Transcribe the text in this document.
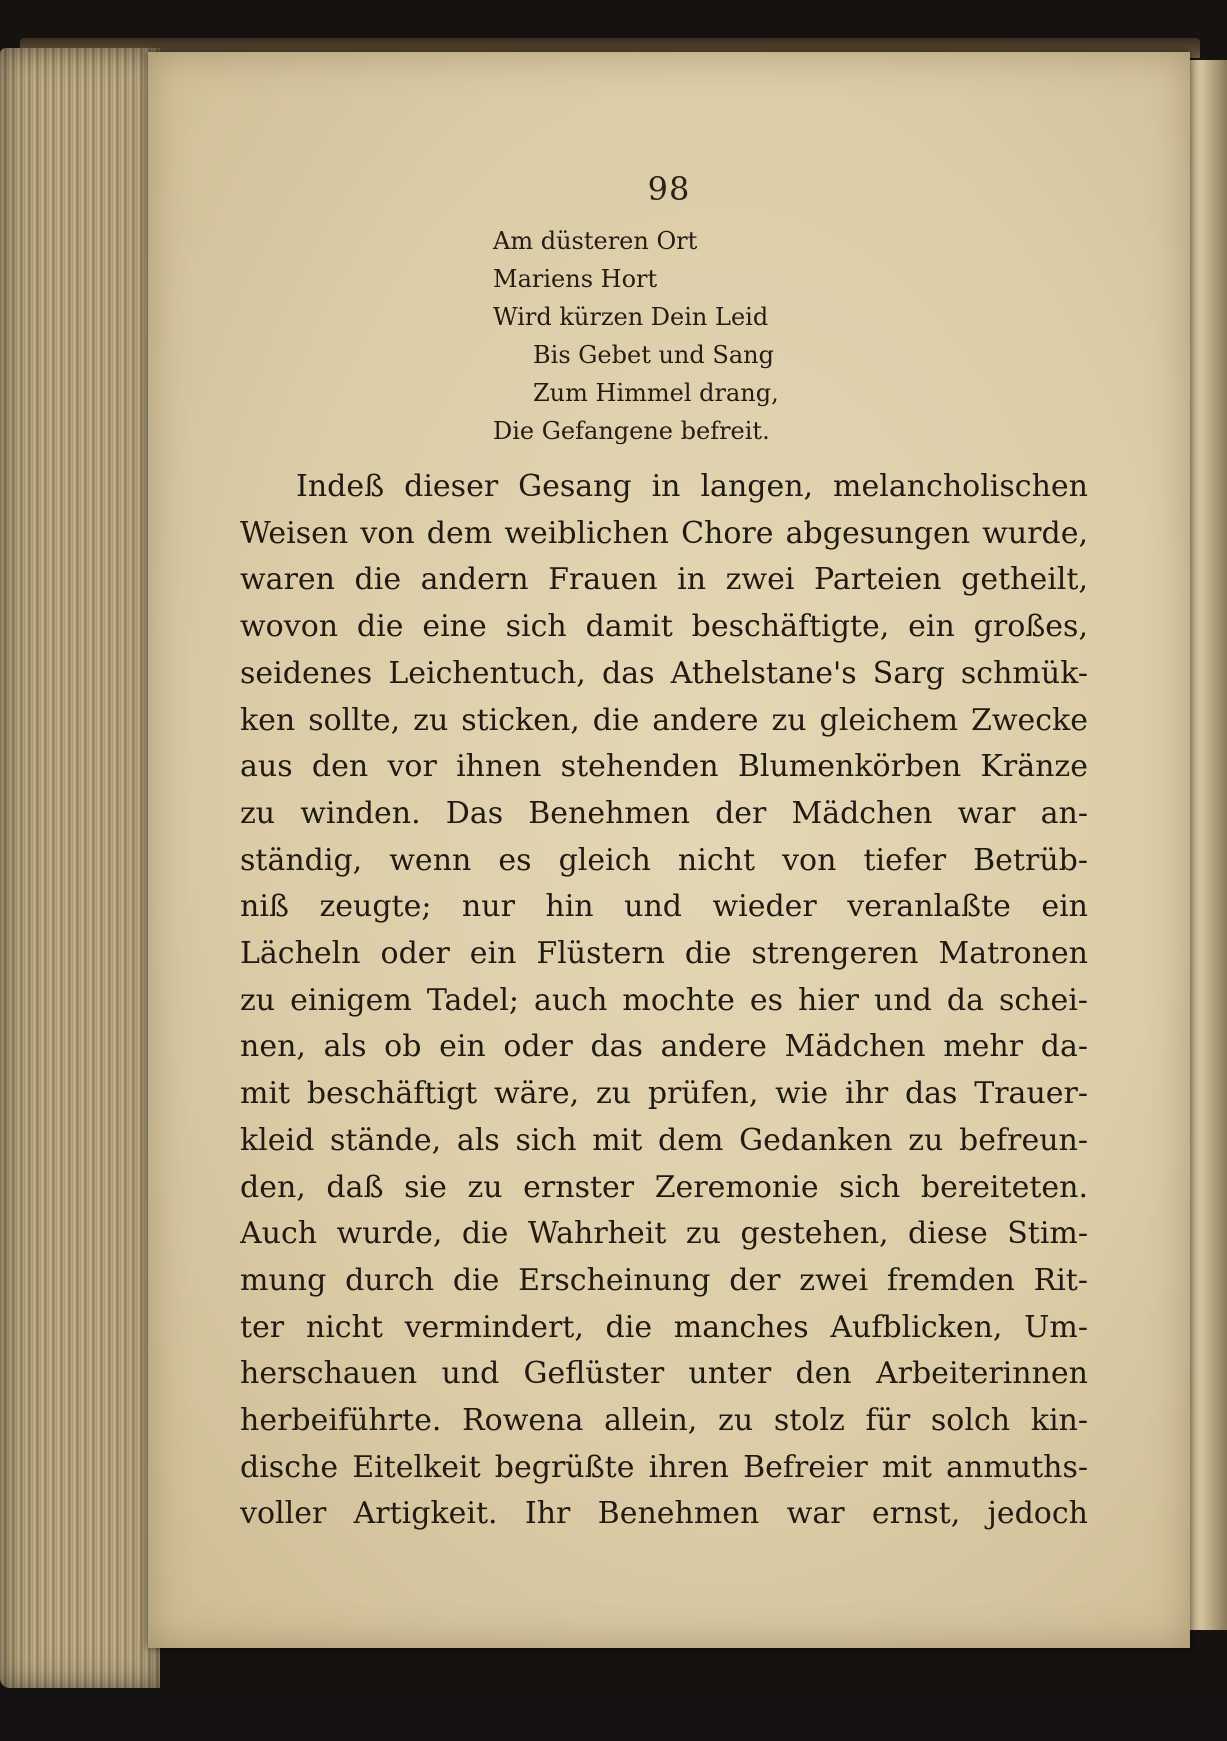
98
Am düsteren Ort
Mariens Hort
Wird kürzen Dein Leid
Bis Gebet und Sang
Zum Himmel drang,
Die Gefangene befreit.
Indeß dieser Gesang in langen, melancholischen
Weisen von dem weiblichen Chore abgesungen wurde,
waren die andern Frauen in zwei Parteien getheilt,
wovon die eine sich damit beschäftigte, ein großes,
seidenes Leichentuch, das Athelstane's Sarg schmük-
ken sollte, zu sticken, die andere zu gleichem Zwecke
aus den vor ihnen stehenden Blumenkörben Kränze
zu winden. Das Benehmen der Mädchen war an-
ständig, wenn es gleich nicht von tiefer Betrüb-
niß zeugte; nur hin und wieder veranlaßte ein
Lächeln oder ein Flüstern die strengeren Matronen
zu einigem Tadel; auch mochte es hier und da schei-
nen, als ob ein oder das andere Mädchen mehr da-
mit beschäftigt wäre, zu prüfen, wie ihr das Trauer-
kleid stände, als sich mit dem Gedanken zu befreun-
den, daß sie zu ernster Zeremonie sich bereiteten.
Auch wurde, die Wahrheit zu gestehen, diese Stim-
mung durch die Erscheinung der zwei fremden Rit-
ter nicht vermindert, die manches Aufblicken, Um-
herschauen und Geflüster unter den Arbeiterinnen
herbeiführte. Rowena allein, zu stolz für solch kin-
dische Eitelkeit begrüßte ihren Befreier mit anmuths-
voller Artigkeit. Ihr Benehmen war ernst, jedoch
